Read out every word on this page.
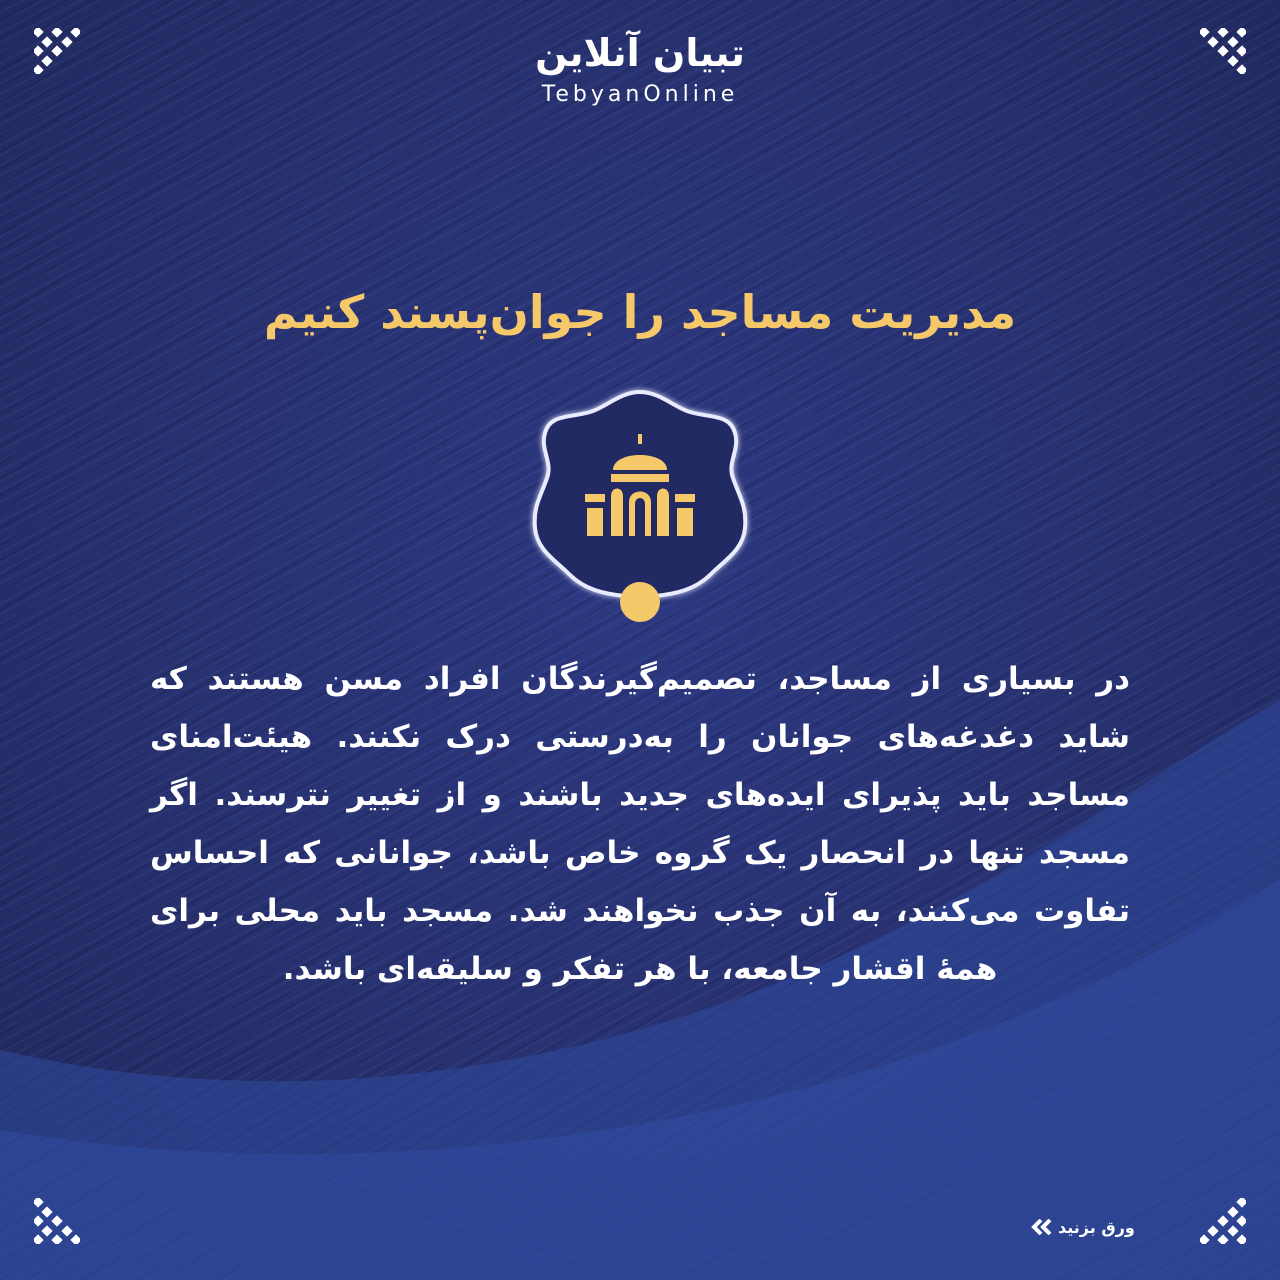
تبیان آنلاین
TebyanOnline
مدیریت مساجد را جوان‌پسند کنیم
در بسیاری از مساجد، تصمیم‌گیرندگان افراد مسن هستند که شاید دغدغه‌های جوانان را به‌درستی درک نکنند. هیئت‌امنای مساجد باید پذیرای ایده‌های جدید باشند و از تغییر نترسند. اگر مسجد تنها در انحصار یک گروه خاص باشد، جوانانی که احساس تفاوت می‌کنند، به آن جذب نخواهند شد. مسجد باید محلی برای همهٔ اقشار جامعه، با هر تفکر و سلیقه‌ای باشد.
ورق بزنید
